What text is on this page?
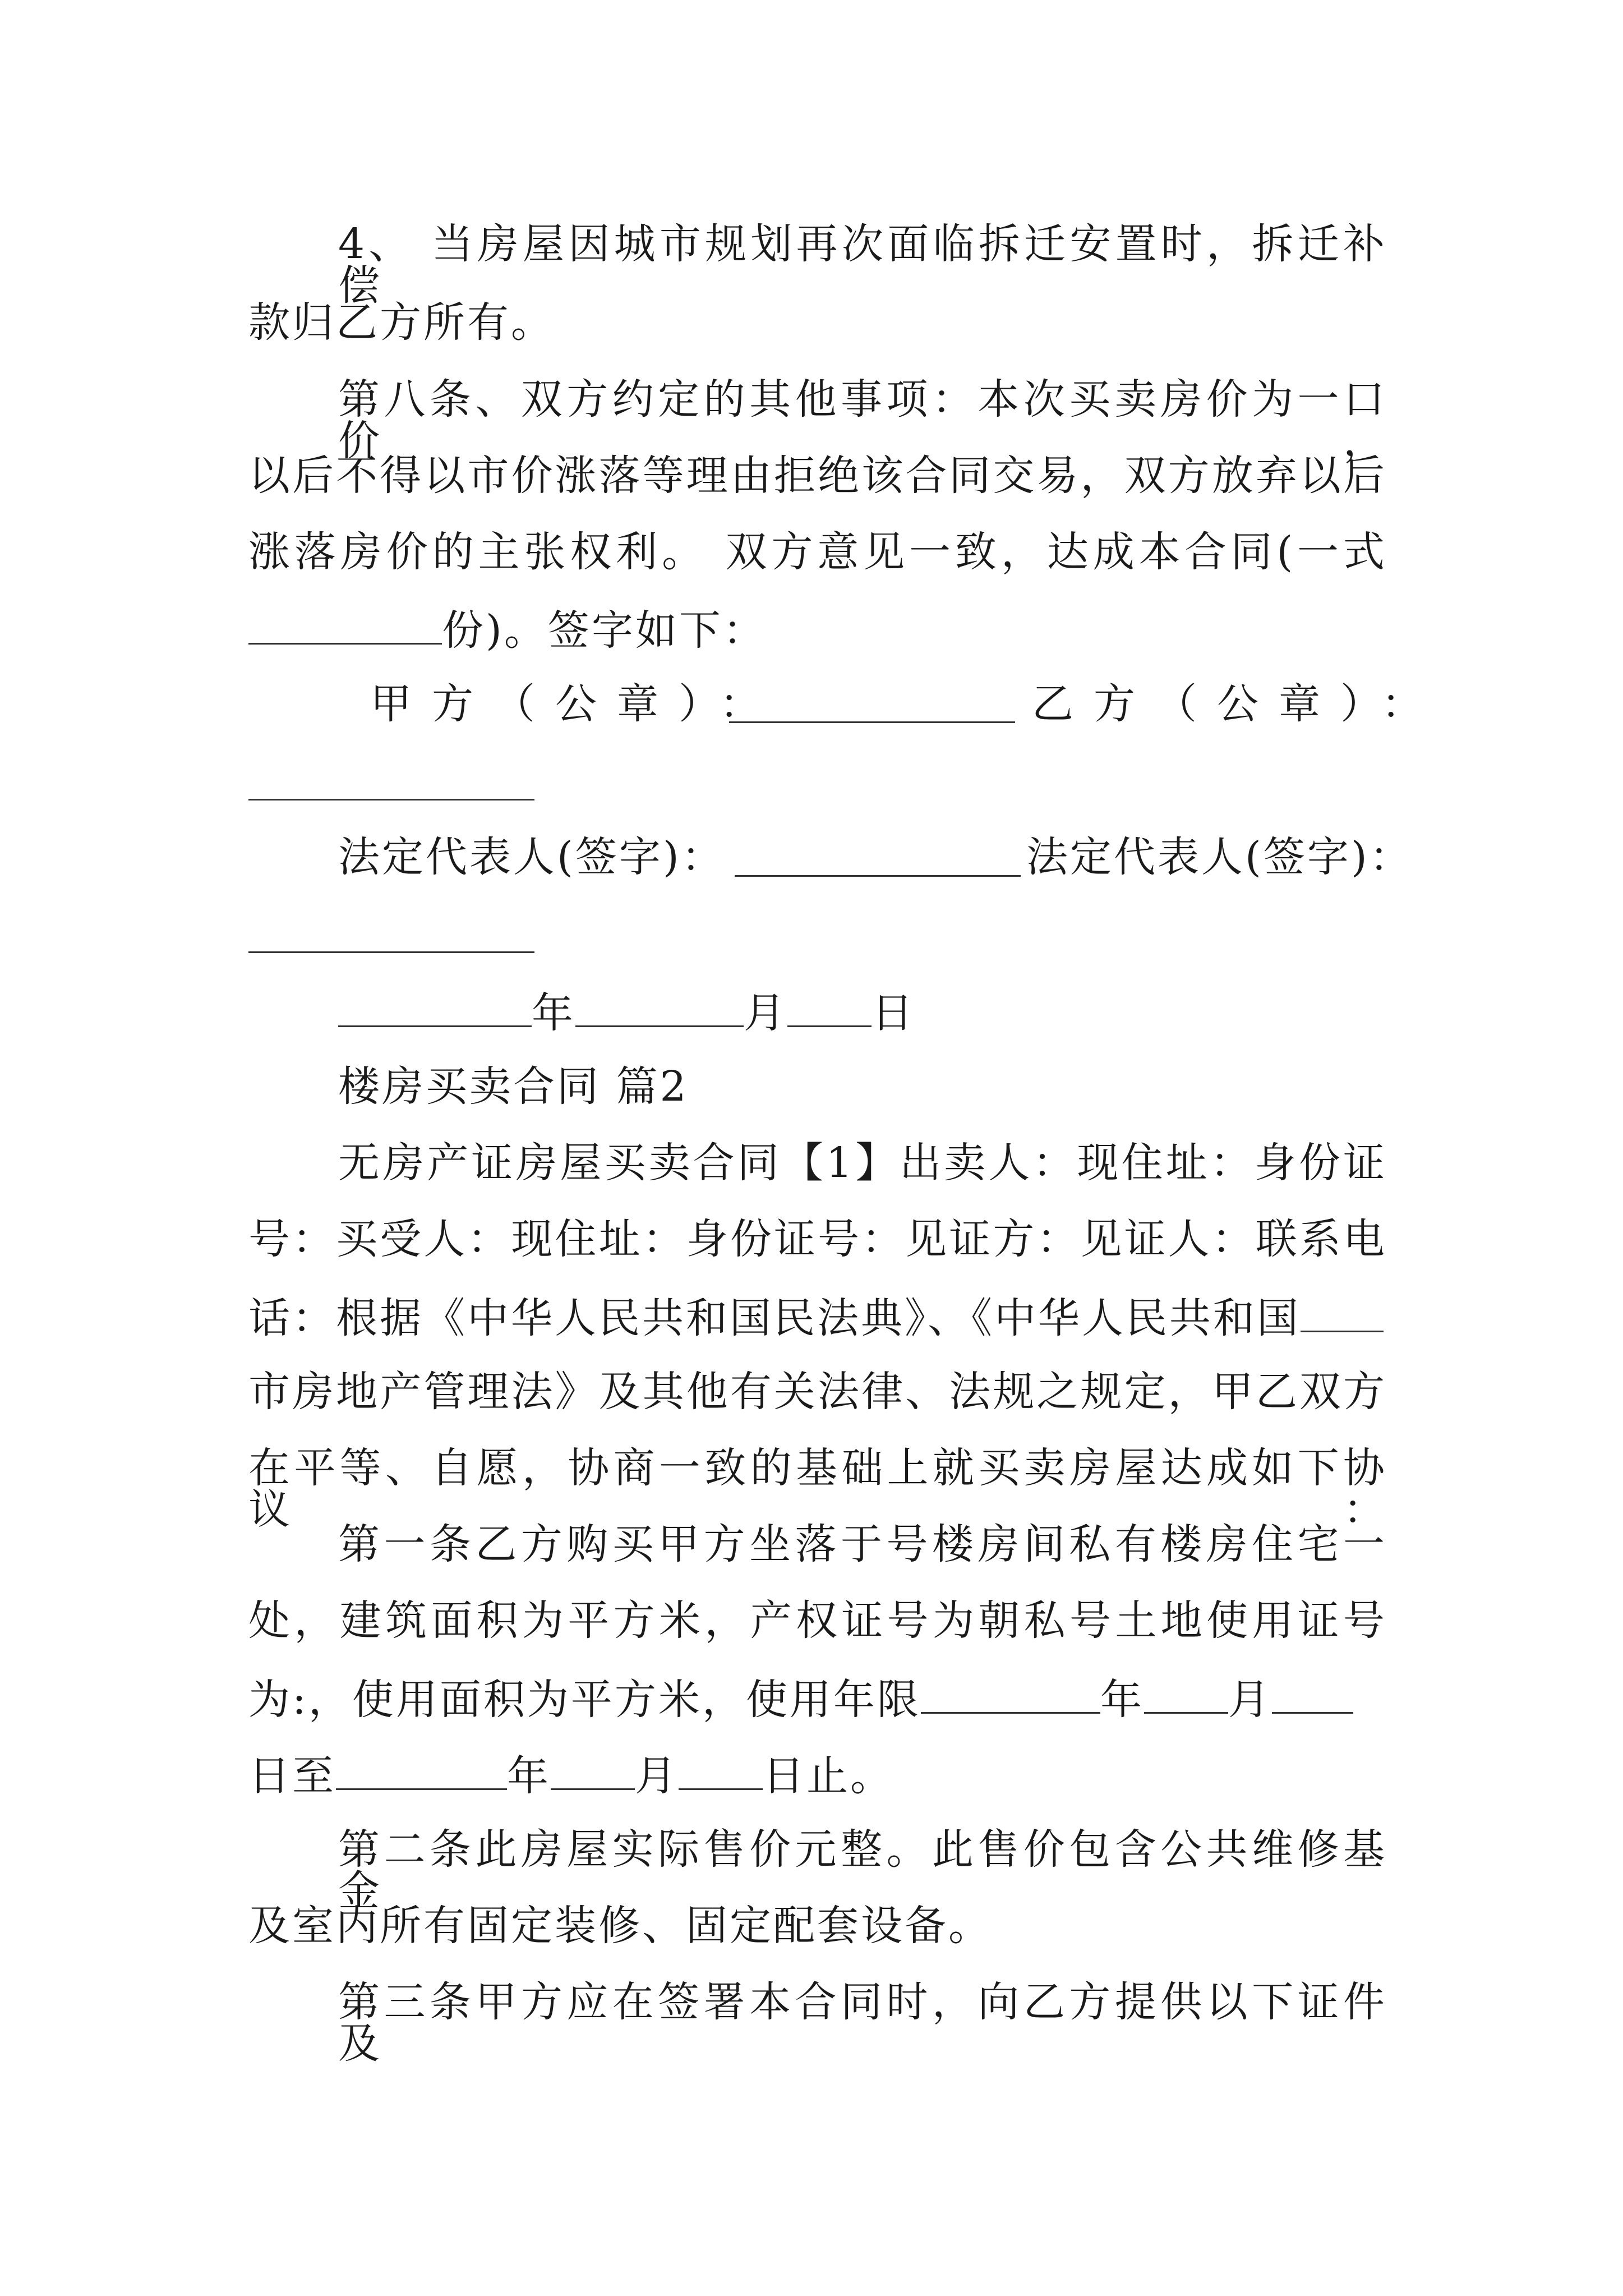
4、 当房屋因城市规划再次面临拆迁安置时，拆迁补偿
款归乙方所有。
第八条、双方约定的其他事项：本次买卖房价为一口价，
以后不得以市价涨落等理由拒绝该合同交易，双方放弃以后
涨落房价的主张权利。 双方意见一致，达成本合同(一式
份)。签字如下：
甲方（公章）：	乙方（公章）：
法定代表人(签字)：	法定代表人(签字)：
年	月 日
楼房买卖合同 篇2
无房产证房屋买卖合同【1】出卖人：现住址：身份证
号：买受人：现住址：身份证号：见证方：见证人：联系电
话：根据《中华人民共和国民法典》、《中华人民共和国
市房地产管理法》及其他有关法律、法规之规定，甲乙双方
在平等、自愿，协商一致的基础上就买卖房屋达成如下协议：
第一条乙方购买甲方坐落于号楼房间私有楼房住宅一
处，建筑面积为平方米，产权证号为朝私号土地使用证号
为:，使用面积为平方米，使用年限	年 月
日至	年 月 日止。
第二条此房屋实际售价元整。此售价包含公共维修基金
及室内所有固定装修、固定配套设备。
第三条甲方应在签署本合同时，向乙方提供以下证件及
